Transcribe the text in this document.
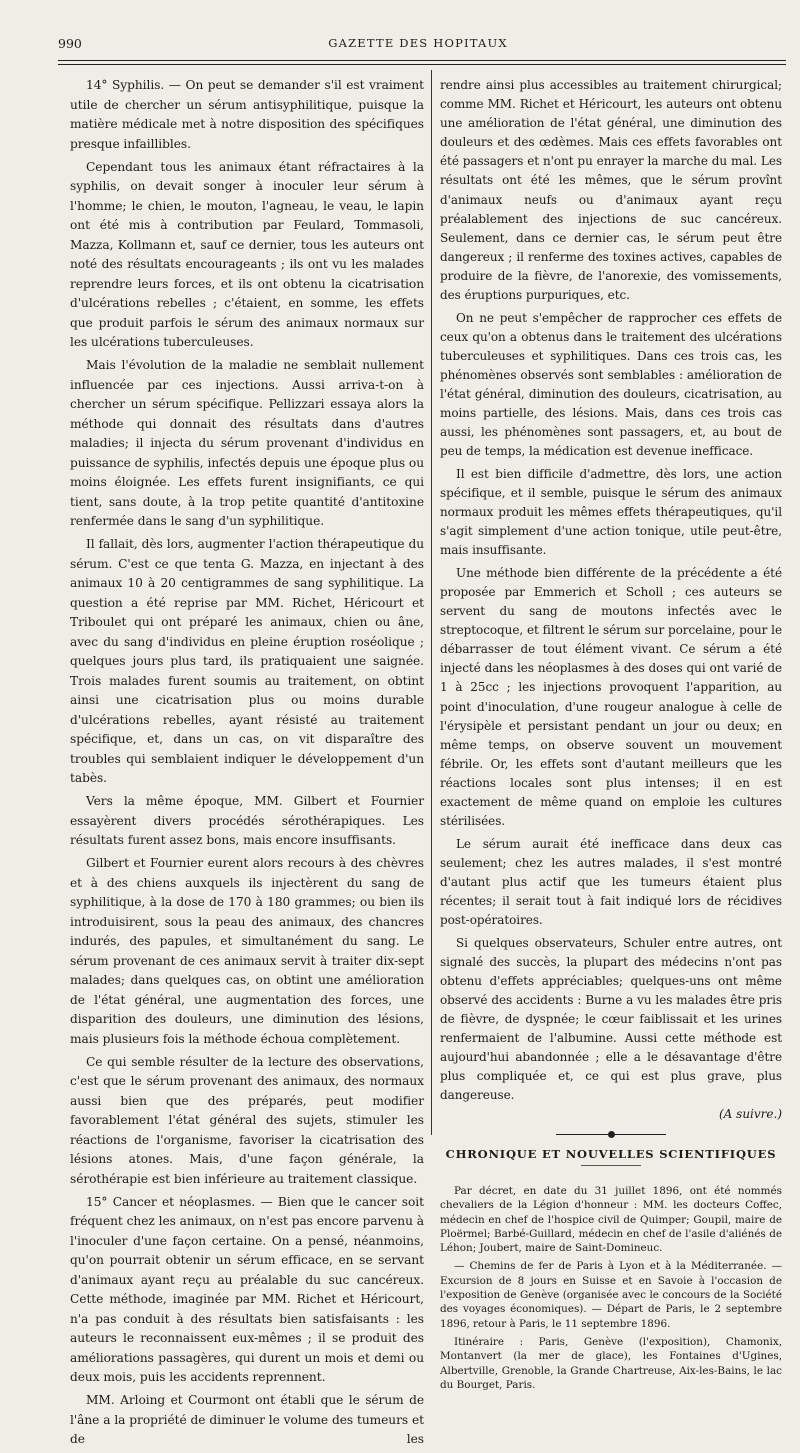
990	GAZETTE DES HOPITAUX

14° Syphilis. — On peut se demander s'il est vraiment utile de chercher un sérum antisyphilitique, puisque la matière médicale met à notre disposition des spécifiques presque infaillibles.

Cependant tous les animaux étant réfractaires à la syphilis, on devait songer à inoculer leur sérum à l'homme; le chien, le mouton, l'agneau, le veau, le lapin ont été mis à contribution par Feulard, Tommasoli, Mazza, Kollmann et, sauf ce dernier, tous les auteurs ont noté des résultats encourageants ; ils ont vu les malades reprendre leurs forces, et ils ont obtenu la cicatrisation d'ulcérations rebelles ; c'étaient, en somme, les effets que produit parfois le sérum des animaux normaux sur les ulcérations tuberculeuses.

Mais l'évolution de la maladie ne semblait nullement influencée par ces injections. Aussi arriva-t-on à chercher un sérum spécifique. Pellizzari essaya alors la méthode qui donnait des résultats dans d'autres maladies; il injecta du sérum provenant d'individus en puissance de syphilis, infectés depuis une époque plus ou moins éloignée. Les effets furent insignifiants, ce qui tient, sans doute, à la trop petite quantité d'antitoxine renfermée dans le sang d'un syphilitique.

Il fallait, dès lors, augmenter l'action thérapeutique du sérum. C'est ce que tenta G. Mazza, en injectant à des animaux 10 à 20 centigrammes de sang syphilitique. La question a été reprise par MM. Richet, Héricourt et Triboulet qui ont préparé les animaux, chien ou âne, avec du sang d'individus en pleine éruption roséolique ; quelques jours plus tard, ils pratiquaient une saignée. Trois malades furent soumis au traitement, on obtint ainsi une cicatrisation plus ou moins durable d'ulcérations rebelles, ayant résisté au traitement spécifique, et, dans un cas, on vit disparaître des troubles qui semblaient indiquer le développement d'un tabès.

Vers la même époque, MM. Gilbert et Fournier essayèrent divers procédés sérothérapiques. Les résultats furent assez bons, mais encore insuffisants.

Gilbert et Fournier eurent alors recours à des chèvres et à des chiens auxquels ils injectèrent du sang de syphilitique, à la dose de 170 à 180 grammes; ou bien ils introduisirent, sous la peau des animaux, des chancres indurés, des papules, et simultanément du sang. Le sérum provenant de ces animaux servit à traiter dix-sept malades; dans quelques cas, on obtint une amélioration de l'état général, une augmentation des forces, une disparition des douleurs, une diminution des lésions, mais plusieurs fois la méthode échoua complètement.

Ce qui semble résulter de la lecture des observations, c'est que le sérum provenant des animaux, des normaux aussi bien que des préparés, peut modifier favorablement l'état général des sujets, stimuler les réactions de l'organisme, favoriser la cicatrisation des lésions atones. Mais, d'une façon générale, la sérothérapie est bien inférieure au traitement classique.

15° Cancer et néoplasmes. — Bien que le cancer soit fréquent chez les animaux, on n'est pas encore parvenu à l'inoculer d'une façon certaine. On a pensé, néanmoins, qu'on pourrait obtenir un sérum efficace, en se servant d'animaux ayant reçu au préalable du suc cancéreux. Cette méthode, imaginée par MM. Richet et Héricourt, n'a pas conduit à des résultats bien satisfaisants : les auteurs le reconnaissent eux-mêmes ; il se produit des améliorations passagères, qui durent un mois et demi ou deux mois, puis les accidents reprennent.

MM. Arloing et Courmont ont établi que le sérum de l'âne a la propriété de diminuer le volume des tumeurs et de les

rendre ainsi plus accessibles au traitement chirurgical; comme MM. Richet et Héricourt, les auteurs ont obtenu une amélioration de l'état général, une diminution des douleurs et des œdèmes. Mais ces effets favorables ont été passagers et n'ont pu enrayer la marche du mal. Les résultats ont été les mêmes, que le sérum provînt d'animaux neufs ou d'animaux ayant reçu préalablement des injections de suc cancéreux. Seulement, dans ce dernier cas, le sérum peut être dangereux ; il renferme des toxines actives, capables de produire de la fièvre, de l'anorexie, des vomissements, des éruptions purpuriques, etc.

On ne peut s'empêcher de rapprocher ces effets de ceux qu'on a obtenus dans le traitement des ulcérations tuberculeuses et syphilitiques. Dans ces trois cas, les phénomènes observés sont semblables : amélioration de l'état général, diminution des douleurs, cicatrisation, au moins partielle, des lésions. Mais, dans ces trois cas aussi, les phénomènes sont passagers, et, au bout de peu de temps, la médication est devenue inefficace.

Il est bien difficile d'admettre, dès lors, une action spécifique, et il semble, puisque le sérum des animaux normaux produit les mêmes effets thérapeutiques, qu'il s'agit simplement d'une action tonique, utile peut-être, mais insuffisante.

Une méthode bien différente de la précédente a été proposée par Emmerich et Scholl ; ces auteurs se servent du sang de moutons infectés avec le streptocoque, et filtrent le sérum sur porcelaine, pour le débarrasser de tout élément vivant. Ce sérum a été injecté dans les néoplasmes à des doses qui ont varié de 1 à 25cc ; les injections provoquent l'apparition, au point d'inoculation, d'une rougeur analogue à celle de l'érysipèle et persistant pendant un jour ou deux; en même temps, on observe souvent un mouvement fébrile. Or, les effets sont d'autant meilleurs que les réactions locales sont plus intenses; il en est exactement de même quand on emploie les cultures stérilisées.

Le sérum aurait été inefficace dans deux cas seulement; chez les autres malades, il s'est montré d'autant plus actif que les tumeurs étaient plus récentes; il serait tout à fait indiqué lors de récidives post-opératoires.

Si quelques observateurs, Schuler entre autres, ont signalé des succès, la plupart des médecins n'ont pas obtenu d'effets appréciables; quelques-uns ont même observé des accidents : Burne a vu les malades être pris de fièvre, de dyspnée; le cœur faiblissait et les urines renfermaient de l'albumine. Aussi cette méthode est aujourd'hui abandonnée ; elle a le désavantage d'être plus compliquée et, ce qui est plus grave, plus dangereuse.

(A suivre.)
CHRONIQUE ET NOUVELLES SCIENTIFIQUES

Par décret, en date du 31 juillet 1896, ont été nommés chevaliers de la Légion d'honneur : MM. les docteurs Coffec, médecin en chef de l'hospice civil de Quimper; Goupil, maire de Ploërmel; Barbé-Guillard, médecin en chef de l'asile d'aliénés de Léhon; Joubert, maire de Saint-Domineuc.

— Chemins de fer de Paris à Lyon et à la Méditerranée. — Excursion de 8 jours en Suisse et en Savoie à l'occasion de l'exposition de Genève (organisée avec le concours de la Société des voyages économiques). — Départ de Paris, le 2 septembre 1896, retour à Paris, le 11 septembre 1896.

Itinéraire : Paris, Genève (l'exposition), Chamonix, Montanvert (la mer de glace), les Fontaines d'Ugines, Albertville, Grenoble, la Grande Chartreuse, Aix-les-Bains, le lac du Bourget, Paris.
